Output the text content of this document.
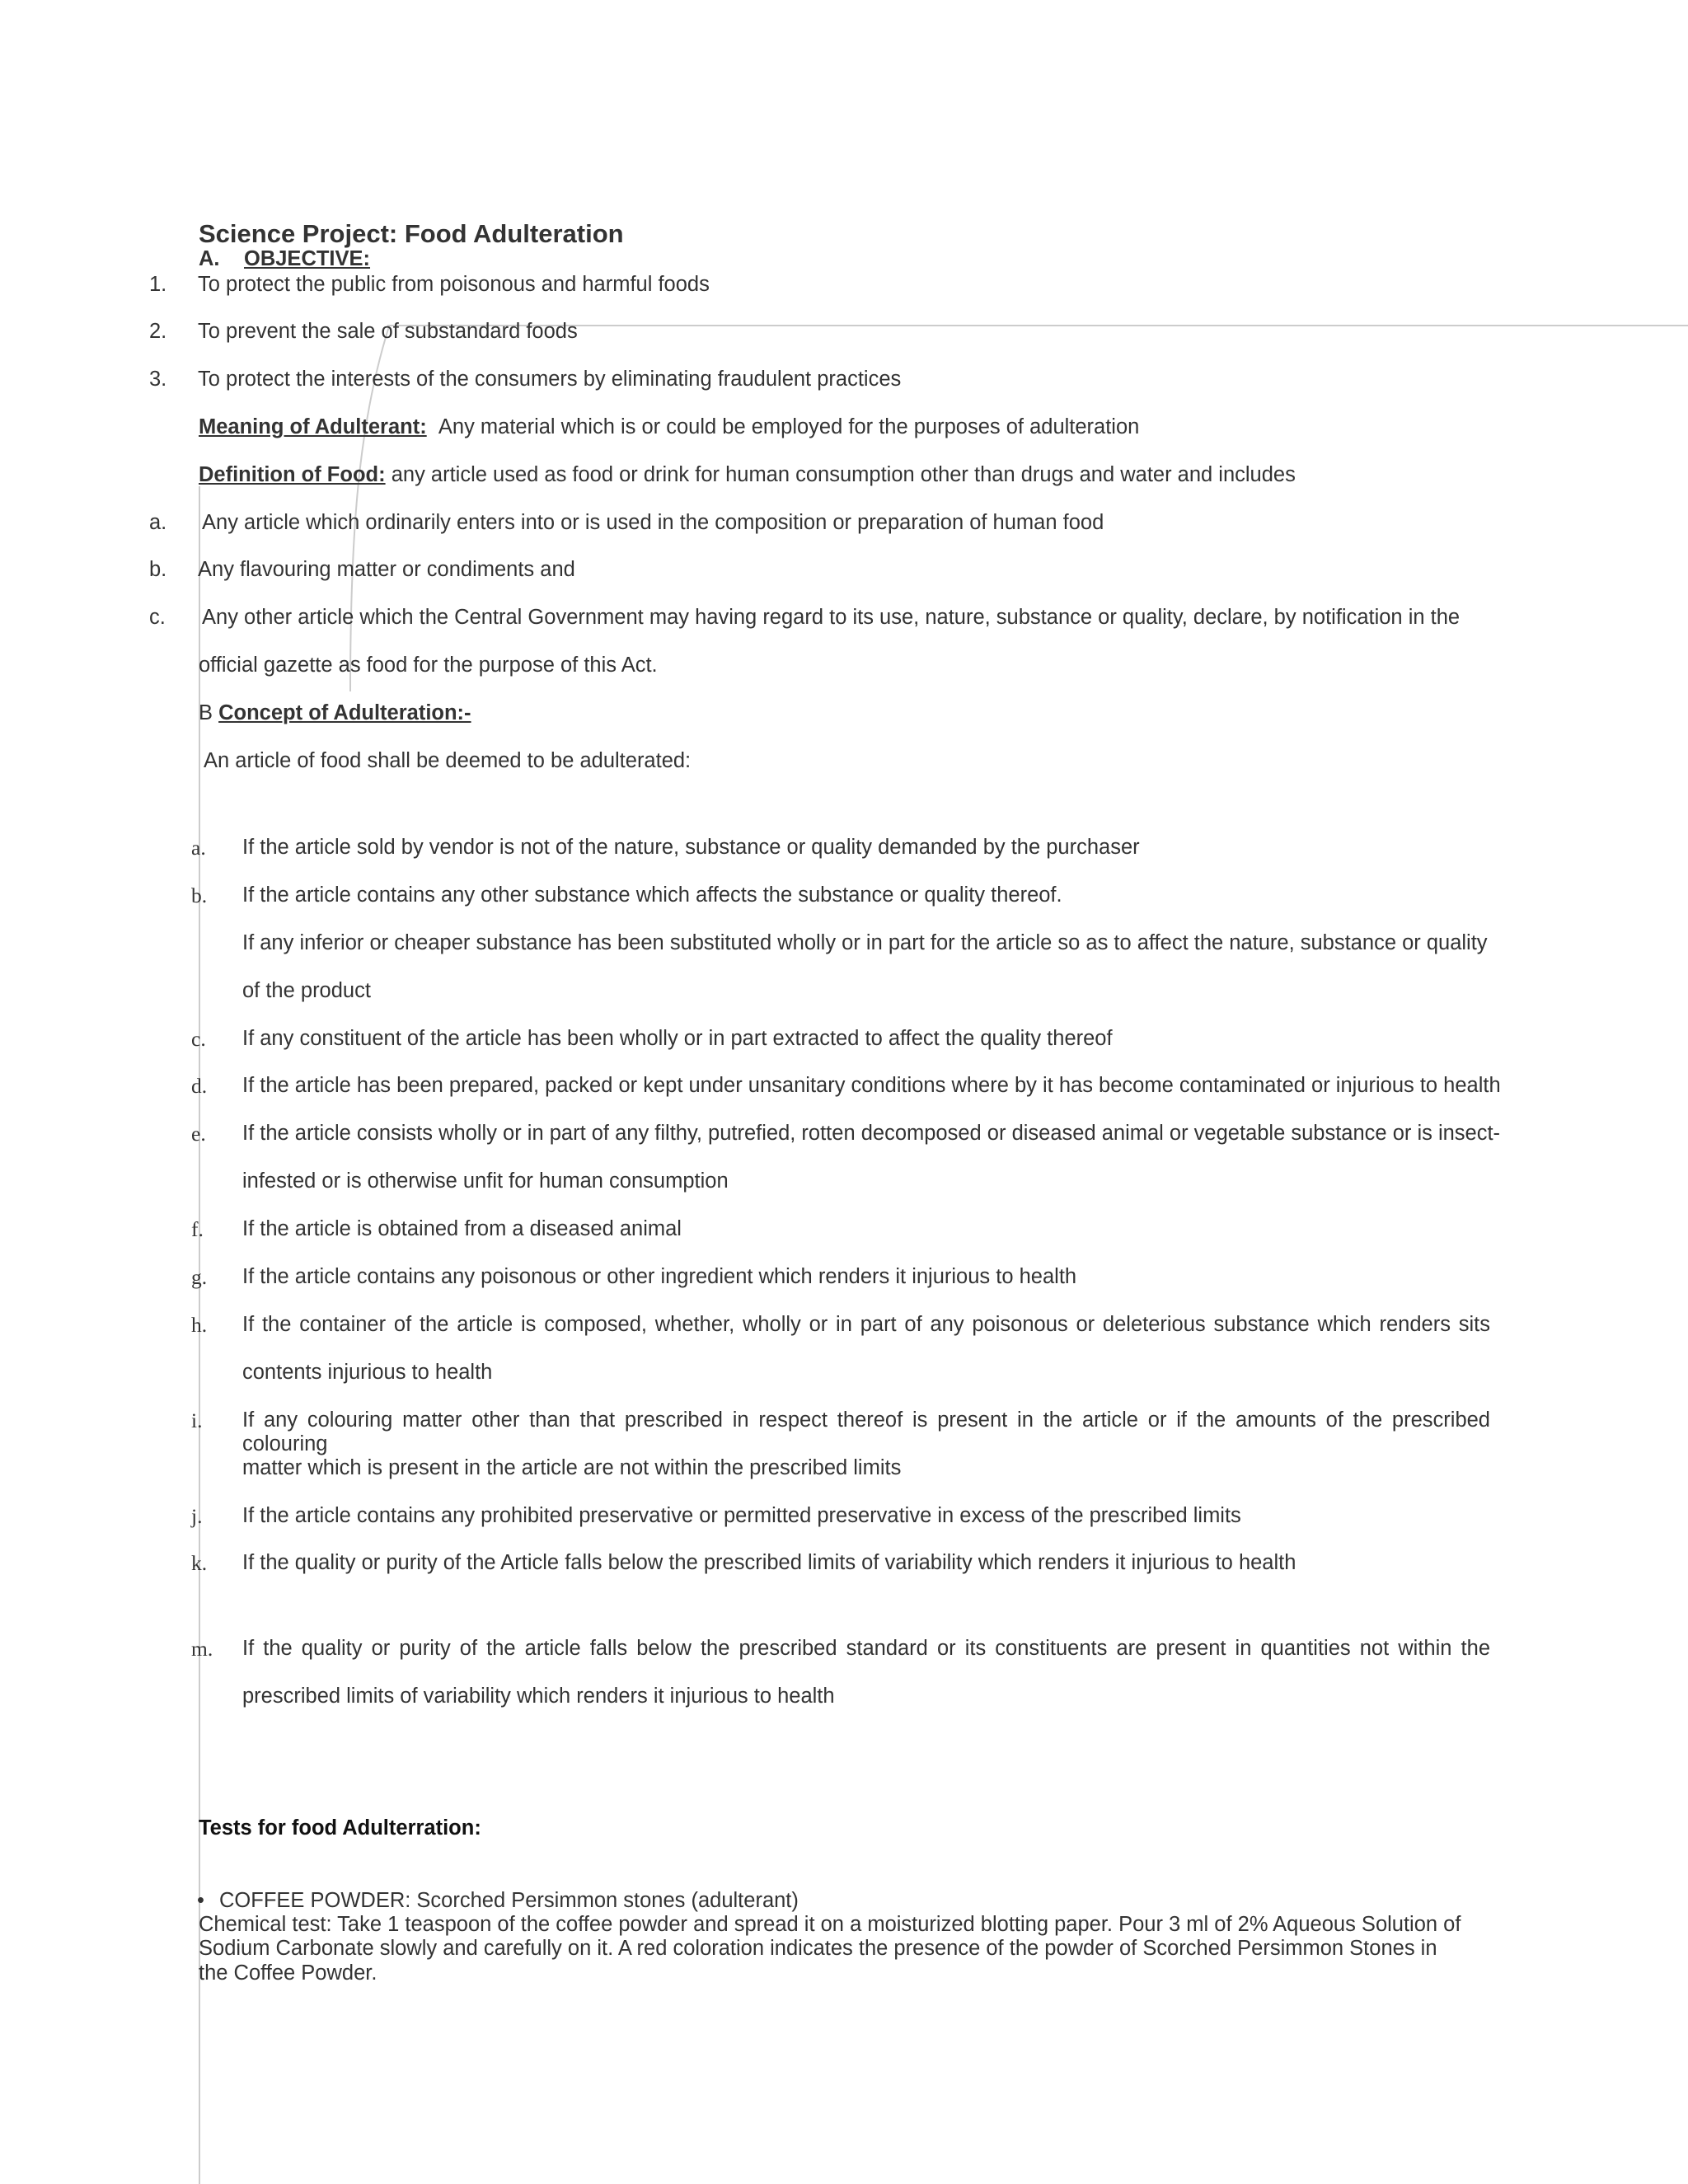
Science Project: Food Adulteration
A. OBJECTIVE:
1. To protect the public from poisonous and harmful foods
2. To prevent the sale of substandard foods
3. To protect the interests of the consumers by eliminating fraudulent practices
Meaning of Adulterant: Any material which is or could be employed for the purposes of adulteration
Definition of Food: any article used as food or drink for human consumption other than drugs and water and includes
a. Any article which ordinarily enters into or is used in the composition or preparation of human food
b. Any flavouring matter or condiments and
c. Any other article which the Central Government may having regard to its use, nature, substance or quality, declare, by notification in the
official gazette as food for the purpose of this Act.
B Concept of Adulteration:-
An article of food shall be deemed to be adulterated:
a. If the article sold by vendor is not of the nature, substance or quality demanded by the purchaser
b. If the article contains any other substance which affects the substance or quality thereof.
If any inferior or cheaper substance has been substituted wholly or in part for the article so as to affect the nature, substance or quality
of the product
c. If any constituent of the article has been wholly or in part extracted to affect the quality thereof
d. If the article has been prepared, packed or kept under unsanitary conditions where by it has become contaminated or injurious to health
e. If the article consists wholly or in part of any filthy, putrefied, rotten decomposed or diseased animal or vegetable substance or is insect-
infested or is otherwise unfit for human consumption
f. If the article is obtained from a diseased animal
g. If the article contains any poisonous or other ingredient which renders it injurious to health
h. If the container of the article is composed, whether, wholly or in part of any poisonous or deleterious substance which renders sits
contents injurious to health
i. If any colouring matter other than that prescribed in respect thereof is present in the article or if the amounts of the prescribed colouring
matter which is present in the article are not within the prescribed limits
j. If the article contains any prohibited preservative or permitted preservative in excess of the prescribed limits
k. If the quality or purity of the Article falls below the prescribed limits of variability which renders it injurious to health
m. If the quality or purity of the article falls below the prescribed standard or its constituents are present in quantities not within the
prescribed limits of variability which renders it injurious to health
Tests for food Adulterration:
• COFFEE POWDER: Scorched Persimmon stones (adulterant)
Chemical test: Take 1 teaspoon of the coffee powder and spread it on a moisturized blotting paper. Pour 3 ml of 2% Aqueous Solution of Sodium Carbonate slowly and carefully on it. A red coloration indicates the presence of the powder of Scorched Persimmon Stones in the Coffee Powder.
